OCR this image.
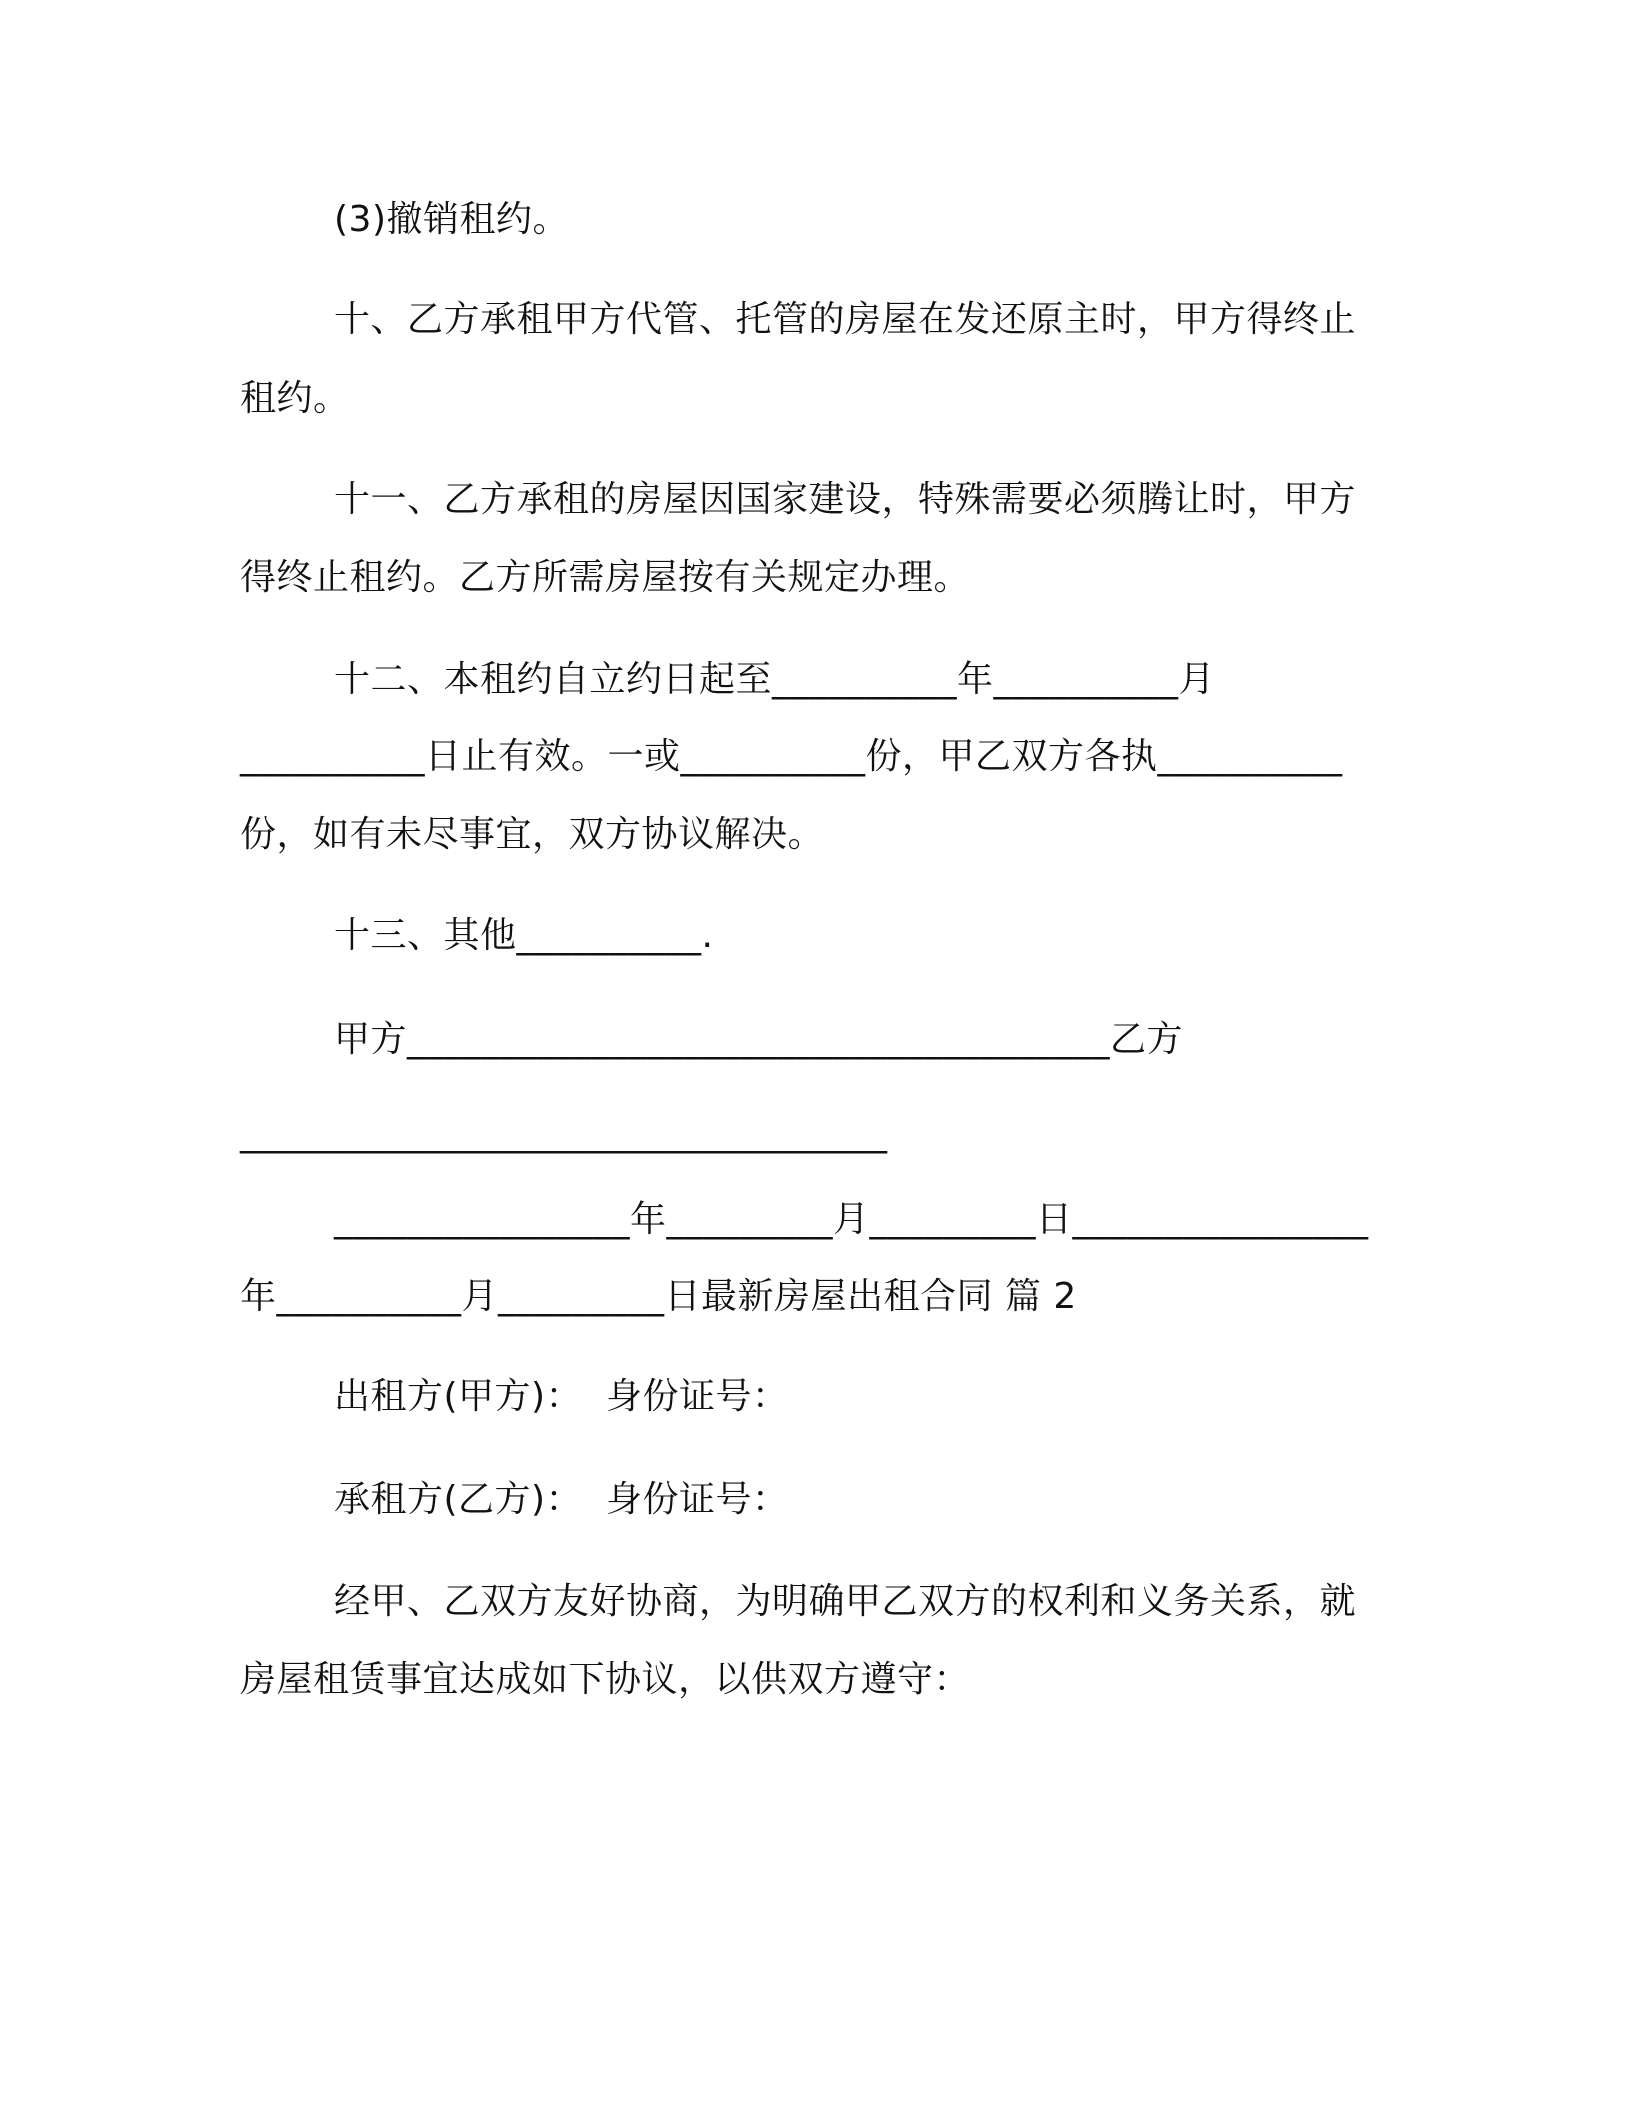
(3)撤销租约。
十、乙方承租甲方代管、托管的房屋在发还原主时，甲方得终止
租约。
十一、乙方承租的房屋因国家建设，特殊需要必须腾让时，甲方
得终止租约。乙方所需房屋按有关规定办理。
十二、本租约自立约日起至__________年__________月
__________日止有效。一或__________份，甲乙双方各执__________
份，如有未尽事宜，双方协议解决。
十三、其他__________.
甲方______________________________________乙方
___________________________________
________________年_________月_________日________________
年__________月_________日最新房屋出租合同 篇 2
出租方(甲方)：  身份证号：
承租方(乙方)：  身份证号：
经甲、乙双方友好协商，为明确甲乙双方的权利和义务关系，就
房屋租赁事宜达成如下协议，以供双方遵守：
